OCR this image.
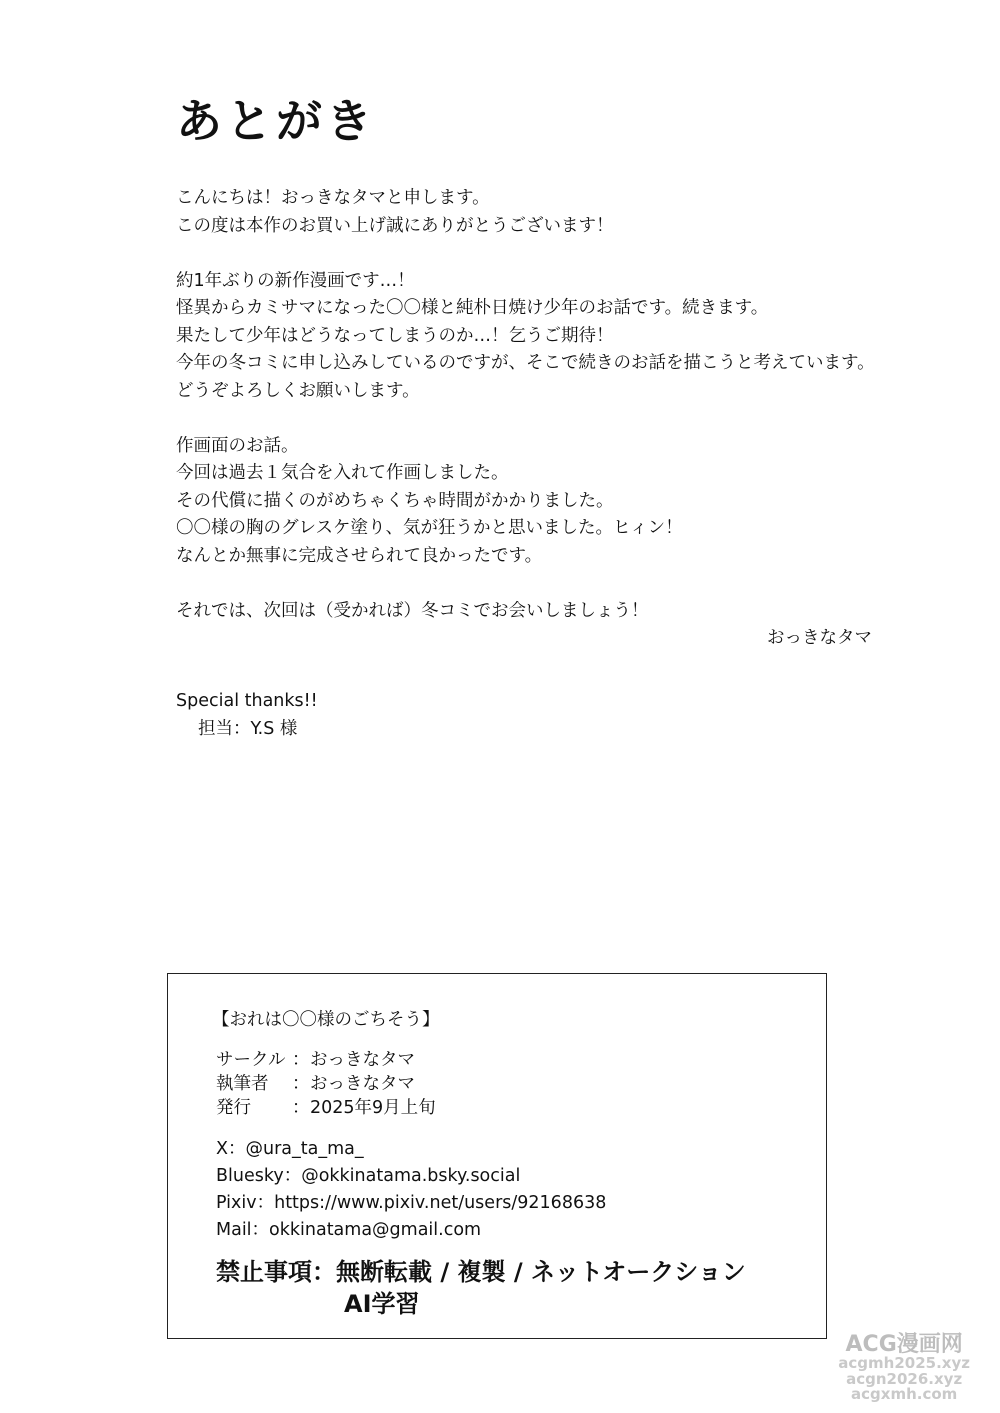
あとがき
こんにちは！おっきなタマと申します。
この度は本作のお買い上げ誠にありがとうございます！
約1年ぶりの新作漫画です…！
怪異からカミサマになった〇〇様と純朴日焼け少年のお話です。続きます。
果たして少年はどうなってしまうのか…！乞うご期待！
今年の冬コミに申し込みしているのですが、そこで続きのお話を描こうと考えています。
どうぞよろしくお願いします。
作画面のお話。
今回は過去１気合を入れて作画しました。
その代償に描くのがめちゃくちゃ時間がかかりました。
〇〇様の胸のグレスケ塗り、気が狂うかと思いました。ヒィン！
なんとか無事に完成させられて良かったです。
それでは、次回は（受かれば）冬コミでお会いしましょう！
おっきなタマ
Special thanks!!
担当：Y.S 様
【おれは〇〇様のごちそう】
サークル ： おっきなタマ
執筆者	： おっきなタマ
発行	： 2025年9月上旬
X：@ura_ta_ma_
Bluesky：@okkinatama.bsky.social
Pixiv：https://www.pixiv.net/users/92168638
Mail：okkinatama@gmail.com
禁止事項：無断転載 / 複製 / ネットオークション
AI学習
ACG漫画网
acgmh2025.xyz
acgn2026.xyz
acgxmh.com
